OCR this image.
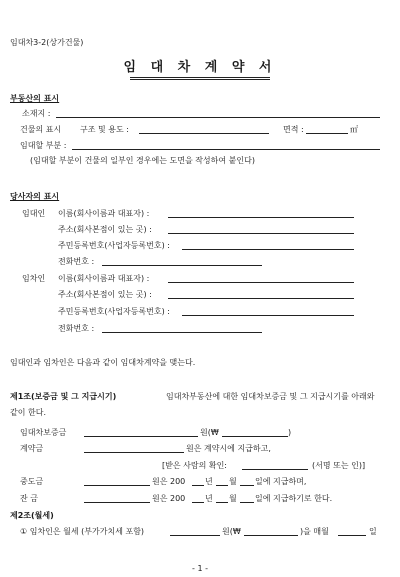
임대차3-2(상가건물)
임 대 차 계 약 서
부동산의 표시
소재지 :
건물의 표시 구조 및 용도 :	면적 :	㎡
임대할 부분 :
(임대할 부분이 건물의 일부인 경우에는 도면을 작성하여 붙인다)
당사자의 표시
임대인 이름(회사이름과 대표자) :
주소(회사본점이 있는 곳) :
주민등록번호(사업자등록번호) :
전화번호 :
임차인 이름(회사이름과 대표자) :
주소(회사본점이 있는 곳) :
주민등록번호(사업자등록번호) :
전화번호 :
임대인과 임차인은 다음과 같이 임대차계약을 맺는다.
제1조(보증금 및 그 지급시기)	임대차부동산에 대한 임대차보증금 및 그 지급시기를 아래와
같이 한다.
임대차보증금	원(₩	)
계약금	원은 계약시에 지급하고,
[받은 사람의 확인:	(서명 또는 인)]
중도금	원은 200 년 월 일에 지급하며,
잔 금	원은 200 년 월 일에 지급하기로 한다.
제2조(월세)
① 임차인은 월세 (부가가치세 포함)	원(₩	)을 매월	일
- 1 -
